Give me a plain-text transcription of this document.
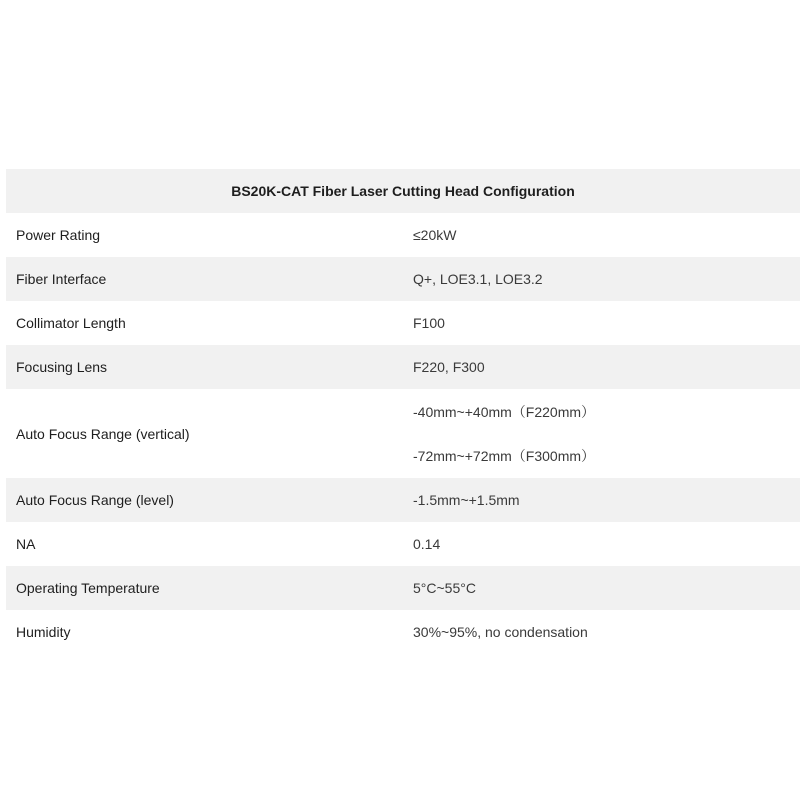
BS20K-CAT Fiber Laser Cutting Head Configuration	
Power Rating	≤20kW
Fiber Interface	Q+, LOE3.1, LOE3.2
Collimator Length	F100
Focusing Lens	F220, F300
Auto Focus Range (vertical)	-40mm~+40mm（F220mm）
-72mm~+72mm（F300mm）

Auto Focus Range (level)	-1.5mm~+1.5mm
NA	0.14
Operating Temperature	5°C~55°C
Humidity	30%~95%, no condensation
